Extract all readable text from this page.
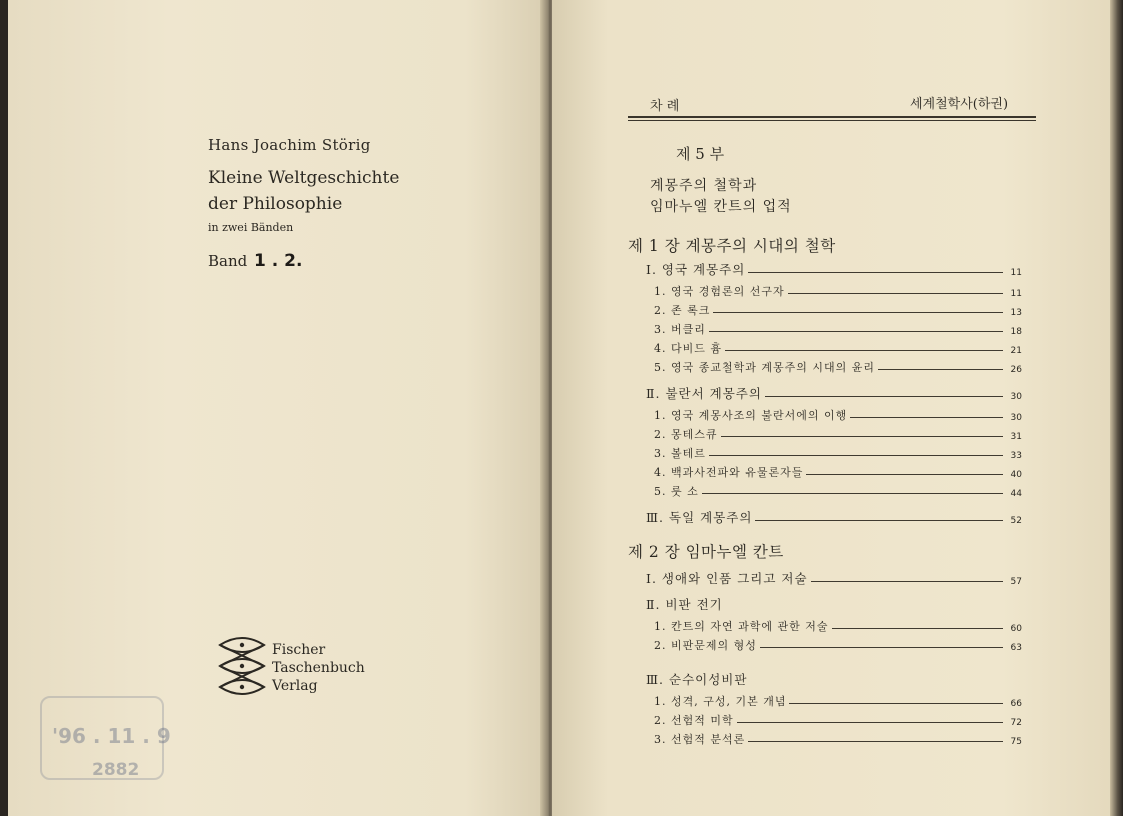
Hans Joachim Störig
Kleine Weltgeschichte
der Philosophie
in zwei Bänden
Band 1 . 2.
Fischer
Taschenbuch
Verlag
'96 . 11 . 9
2882
차 례	세계철학사(하권)
제 5 부
계몽주의 철학과
임마누엘 칸트의 업적
제 1 장 계몽주의 시대의 철학
Ⅰ. 영국 계몽주의	11
1. 영국 경험론의 선구자	11
2. 존 록크	13
3. 버클리	18
4. 다비드 흄	21
5. 영국 종교철학과 계몽주의 시대의 윤리	26
Ⅱ. 불란서 계몽주의	30
1. 영국 계몽사조의 불란서에의 이행	30
2. 몽테스큐	31
3. 볼테르	33
4. 백과사전파와 유물론자들	40
5. 룻 소	44
Ⅲ. 독일 계몽주의	52
제 2 장 임마누엘 칸트
Ⅰ. 생애와 인품 그리고 저술	57
Ⅱ. 비판 전기
1. 칸트의 자연 과학에 관한 저술	60
2. 비판문제의 형성	63
Ⅲ. 순수이성비판
1. 성격, 구성, 기본 개념	66
2. 선험적 미학	72
3. 선험적 분석론	75
